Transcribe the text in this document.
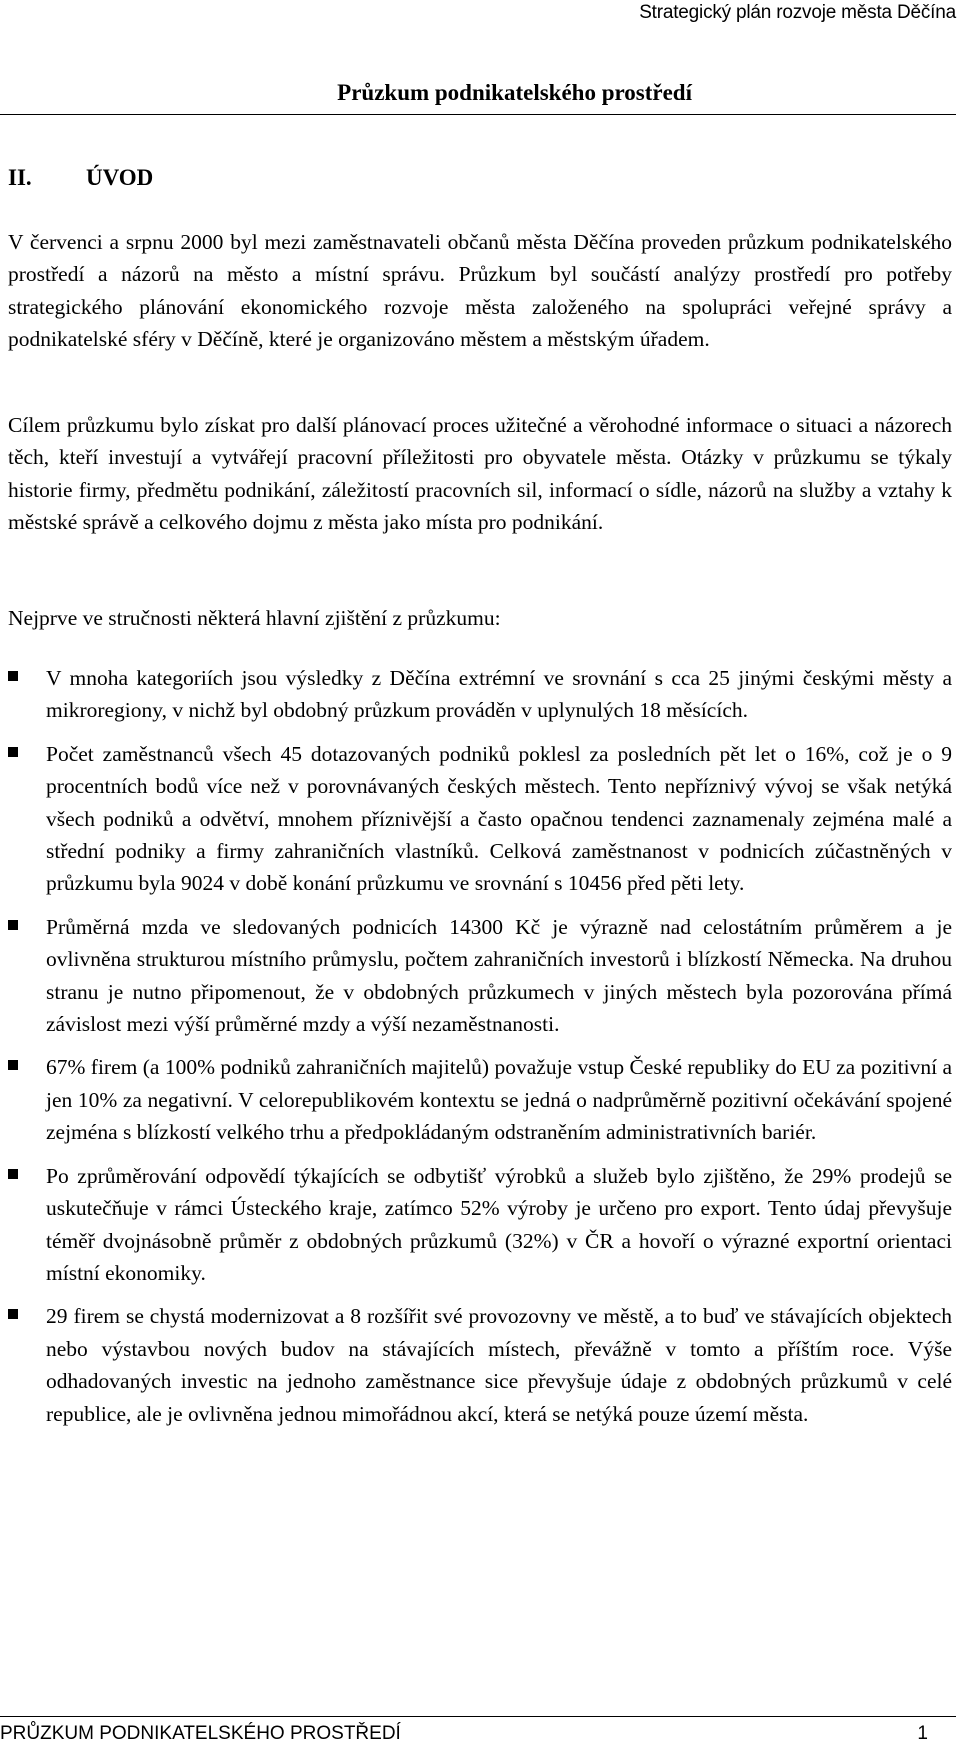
Strategický plán rozvoje města Děčína
Průzkum podnikatelského prostředí
II. ÚVOD

V červenci a srpnu 2000 byl mezi zaměstnavateli občanů města Děčína proveden průzkum podnikatelského prostředí a názorů na město a místní správu. Průzkum byl součástí analýzy prostředí pro potřeby strategického plánování ekonomického rozvoje města založeného na spolupráci veřejné správy a podnikatelské sféry v Děčíně, které je organizováno městem a městským úřadem.

Cílem průzkumu bylo získat pro další plánovací proces užitečné a věrohodné informace o situaci a názorech těch, kteří investují a vytvářejí pracovní příležitosti pro obyvatele města. Otázky v průzkumu se týkaly historie firmy, předmětu podnikání, záležitostí pracovních sil, informací o sídle, názorů na služby a vztahy k městské správě a celkového dojmu z města jako místa pro podnikání.

Nejprve ve stručnosti některá hlavní zjištění z průzkumu:

V mnoha kategoriích jsou výsledky z Děčína extrémní ve srovnání s cca 25 jinými českými městy a mikroregiony, v nichž byl obdobný průzkum prováděn v uplynulých 18 měsících.
Počet zaměstnanců všech 45 dotazovaných podniků poklesl za posledních pět let o 16%, což je o 9 procentních bodů více než v porovnávaných českých městech. Tento nepříznivý vývoj se však netýká všech podniků a odvětví, mnohem příznivější a často opačnou tendenci zaznamenaly zejména malé a střední podniky a firmy zahraničních vlastníků. Celková zaměstnanost v podnicích zúčastněných v průzkumu byla 9024 v době konání průzkumu ve srovnání s 10456 před pěti lety.
Průměrná mzda ve sledovaných podnicích 14300 Kč je výrazně nad celostátním průměrem a je ovlivněna strukturou místního průmyslu, počtem zahraničních investorů i blízkostí Německa. Na druhou stranu je nutno připomenout, že v obdobných průzkumech v jiných městech byla pozorována přímá závislost mezi výší průměrné mzdy a výší nezaměstnanosti.
67% firem (a 100% podniků zahraničních majitelů) považuje vstup České republiky do EU za pozitivní a jen 10% za negativní. V celorepublikovém kontextu se jedná o nadprůměrně pozitivní očekávání spojené zejména s blízkostí velkého trhu a předpokládaným odstraněním administrativních bariér.
Po zprůměrování odpovědí týkajících se odbytišť výrobků a služeb bylo zjištěno, že 29% prodejů se uskutečňuje v rámci Ústeckého kraje, zatímco 52% výroby je určeno pro export. Tento údaj převyšuje téměř dvojnásobně průměr z obdobných průzkumů (32%) v ČR a hovoří o výrazné exportní orientaci místní ekonomiky.
29 firem se chystá modernizovat a 8 rozšířit své provozovny ve městě, a to buď ve stávajících objektech nebo výstavbou nových budov na stávajících místech, převážně v tomto a příštím roce. Výše odhadovaných investic na jednoho zaměstnance sice převyšuje údaje z obdobných průzkumů v celé republice, ale je ovlivněna jednou mimořádnou akcí, která se netýká pouze území města.
PRŮZKUM PODNIKATELSKÉHO PROSTŘEDÍ	1
